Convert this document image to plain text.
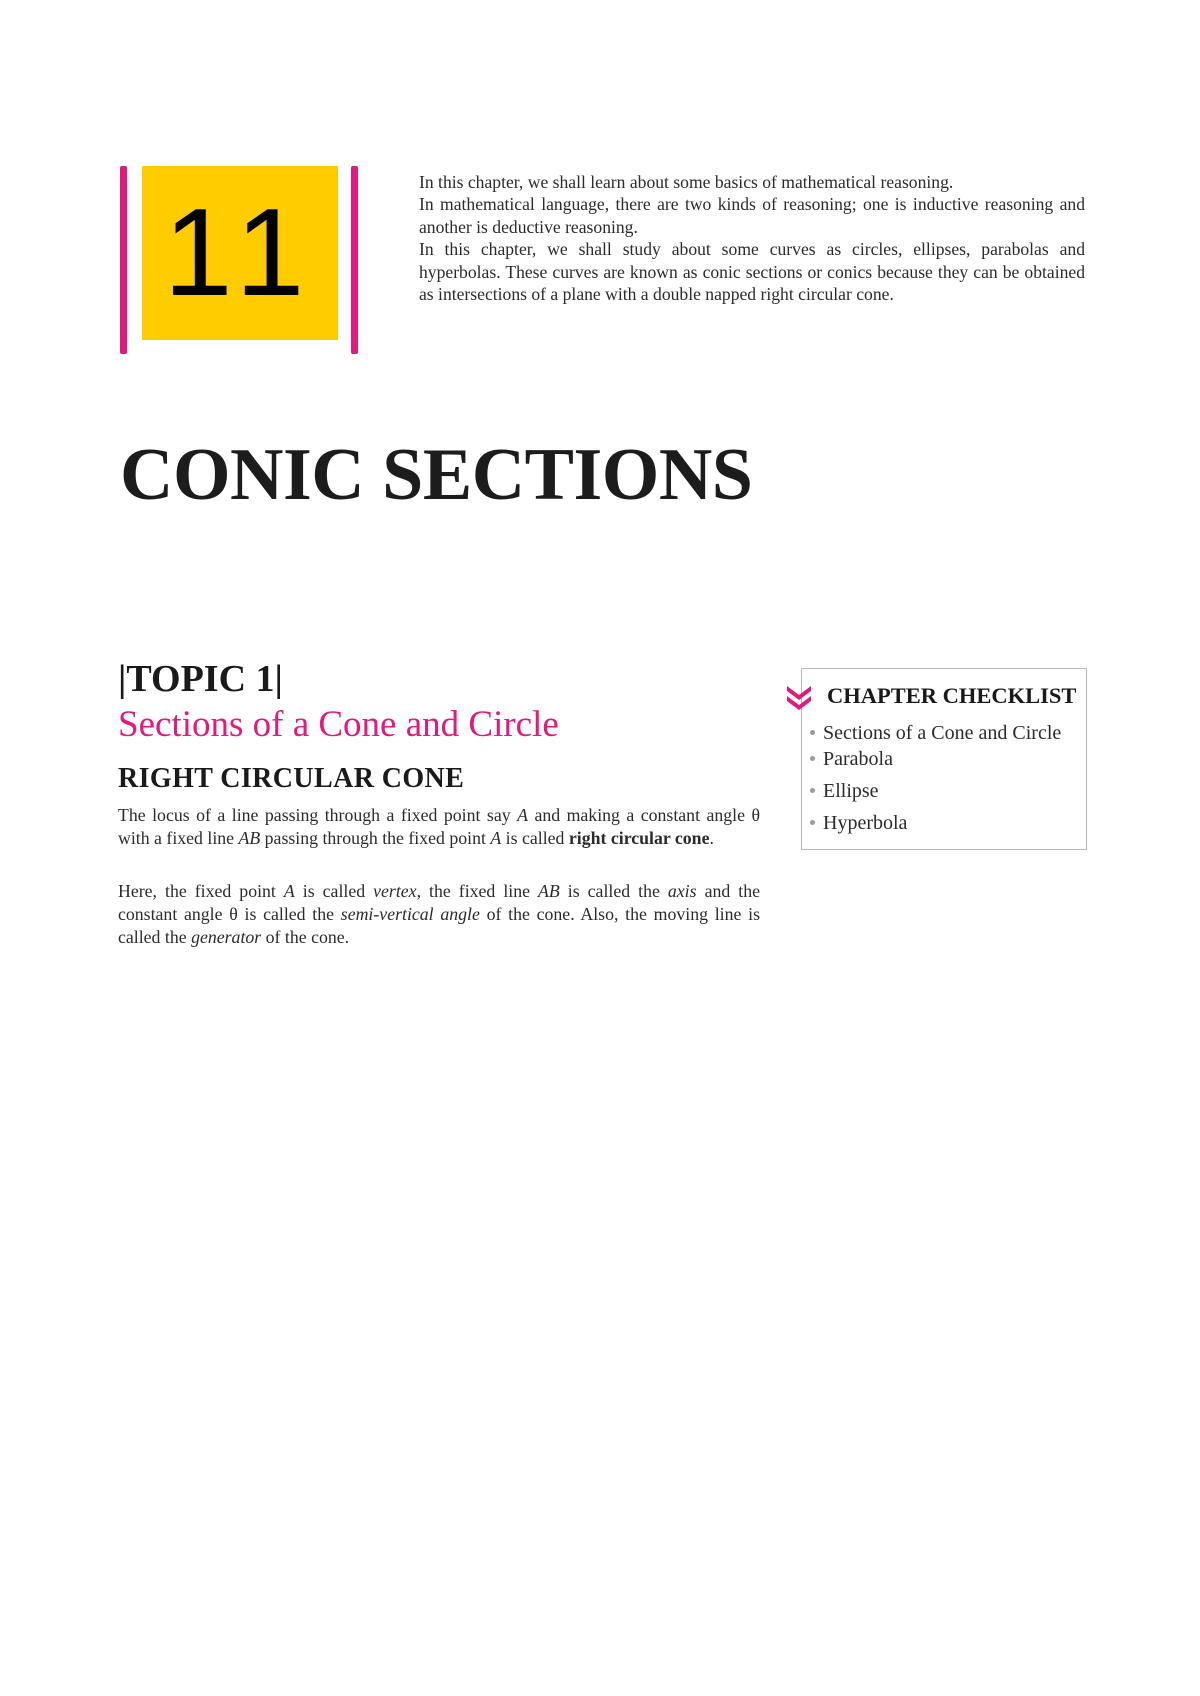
11

In this chapter, we shall learn about some basics of mathematical reasoning.

In mathematical language, there are two kinds of reasoning; one is inductive reasoning and another is deductive reasoning.

In this chapter, we shall study about some curves as circles, ellipses, parabolas and hyperbolas. These curves are known as conic sections or conics because they can be obtained as intersections of a plane with a double napped right circular cone.

CONIC SECTIONS
|TOPIC 1|
Sections of a Cone and Circle
RIGHT CIRCULAR CONE

The locus of a line passing through a fixed point say A and making a constant angle θ with a fixed line AB passing through the fixed point A is called right circular cone.

Here, the fixed point A is called vertex, the fixed line AB is called the axis and the constant angle θ is called the semi-vertical angle of the cone. Also, the moving line is called the generator of the cone.

CHAPTER CHECKLIST
Sections of a Cone and Circle
Parabola
Ellipse
Hyperbola
